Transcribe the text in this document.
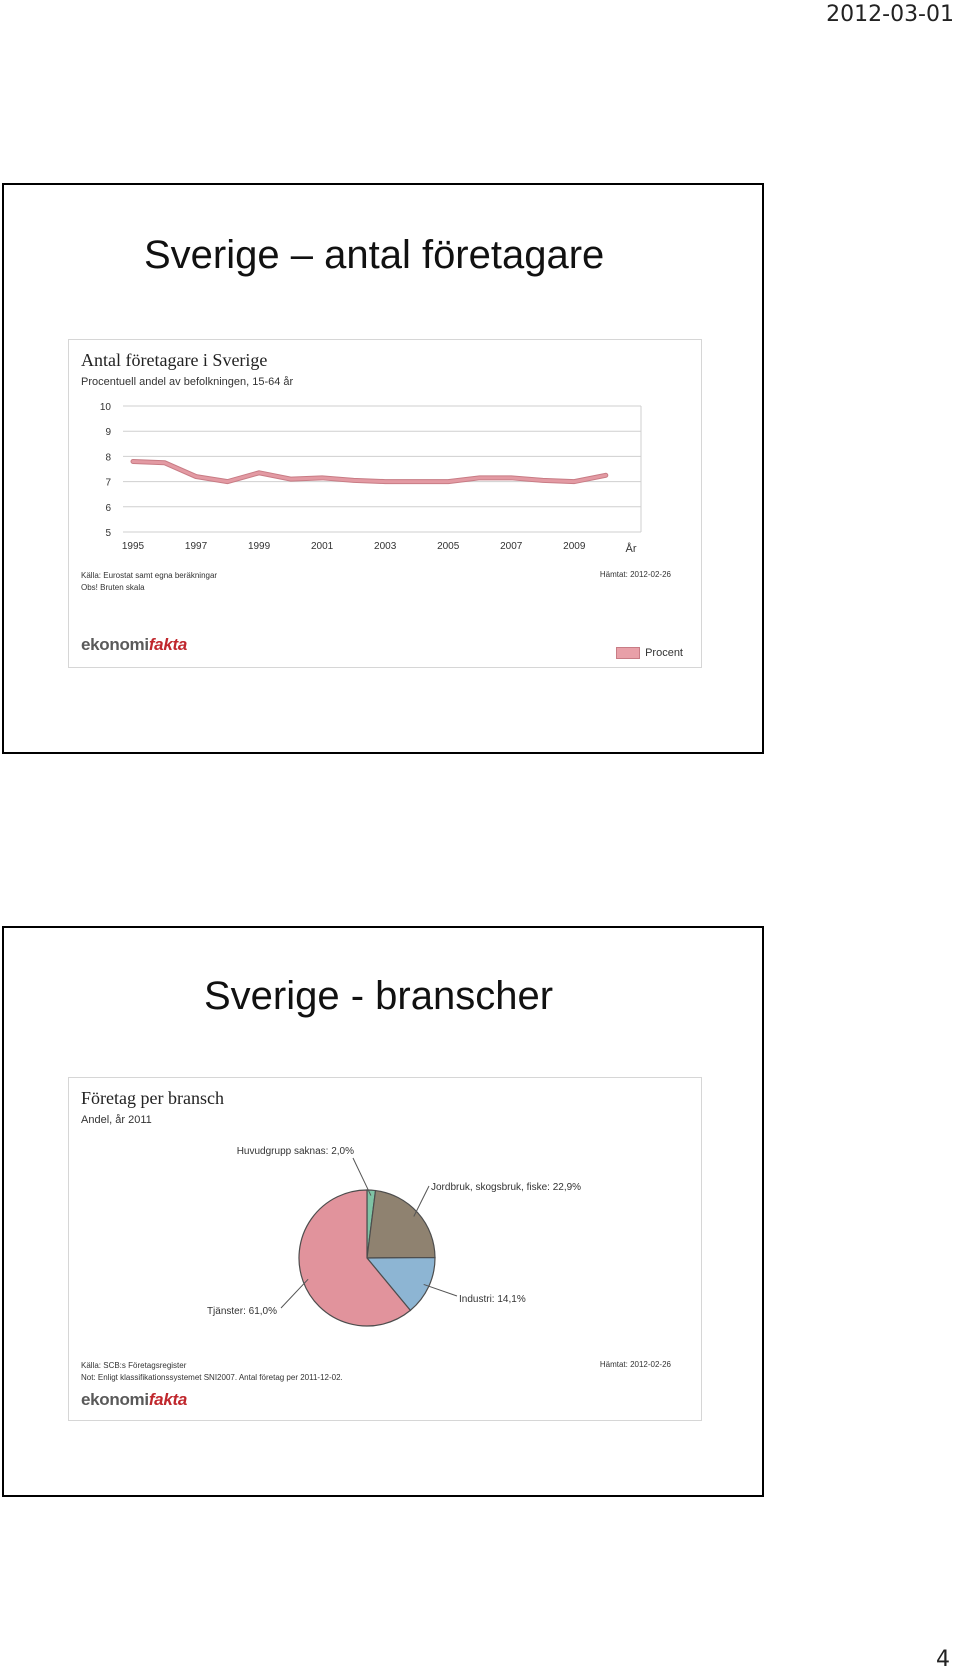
2012-03-01
Sverige – antal företagare
Antal företagare i Sverige
Procentuell andel av befolkningen, 15-64 år
10
9
8
7
6
5
1995	1997	1999	2001	2003	2005	2007	2009	År
Källa: Eurostat samt egna beräkningar
Obs! Bruten skala
Hämtat: 2012-02-26
ekonomifakta	Procent
Sverige - branscher
Företag per bransch
Andel, år 2011
Huvudgrupp saknas: 2,0%
Jordbruk, skogsbruk, fiske: 22,9%
Industri: 14,1%
Tjänster: 61,0%
Källa: SCB:s Företagsregister
Not: Enligt klassifikationssystemet SNI2007. Antal företag per 2011-12-02.
Hämtat: 2012-02-26
ekonomifakta
4
